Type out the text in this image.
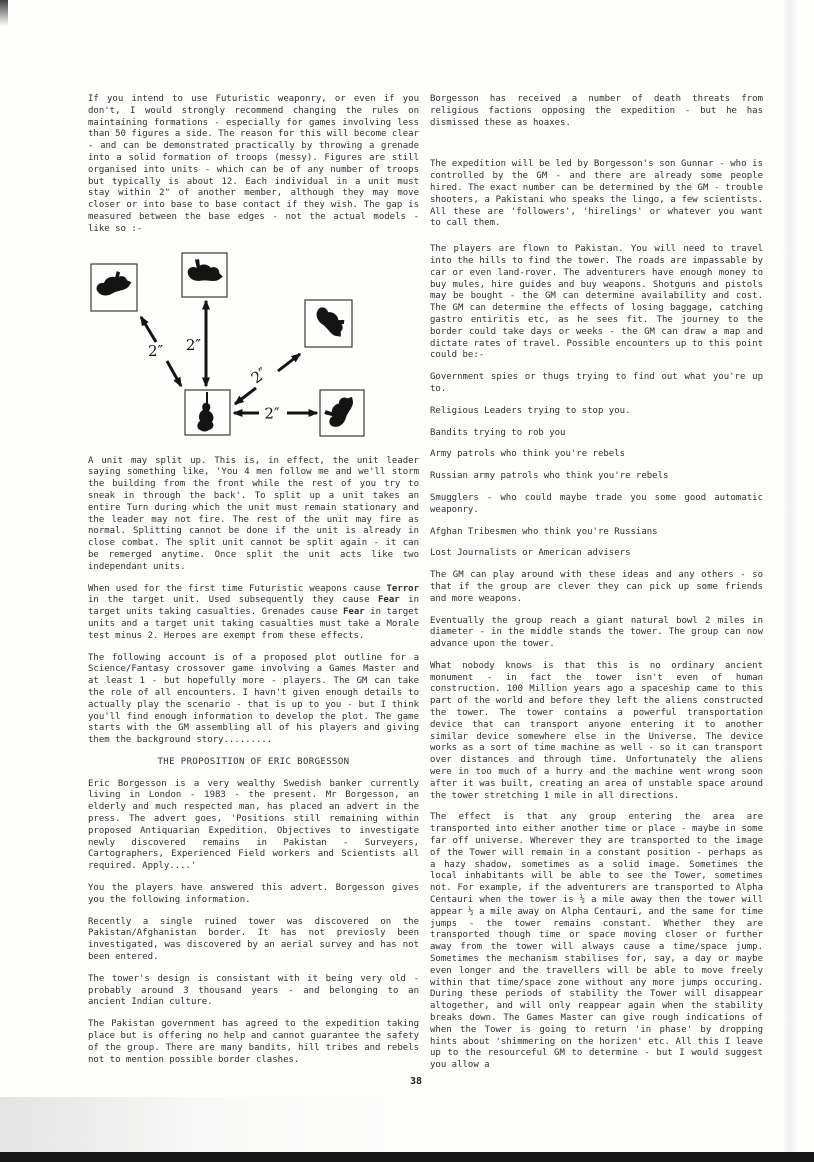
If you intend to use Futuristic weaponry, or even if you don't, I would strongly recommend changing the rules on maintaining formations - especially for games involving less than 50 figures a side. The reason for this will become clear - and can be demonstrated practically by throwing a grenade into a solid formation of troops (messy). Figures are still organised into units - which can be of any number of troops but typically is about 12. Each individual in a unit must stay within 2" of another member, although they may move closer or into base to base contact if they wish. The gap is measured between the base edges - not the actual models - like so :-

2″ 2″
2″
2″

A unit may split up. This is, in effect, the unit leader saying something like, 'You 4 men follow me and we'll storm the building from the front while the rest of you try to sneak in through the back'. To split up a unit takes an entire Turn during which the unit must remain stationary and the leader may not fire. The rest of the unit may fire as normal. Splitting cannot be done if the unit is already in close combat. The split unit cannot be split again - it can be remerged anytime. Once split the unit acts like two independant units.

When used for the first time Futuristic weapons cause Terror in the target unit. Used subsequently they cause Fear in target units taking casualties. Grenades cause Fear in target units and a target unit taking casualties must take a Morale test minus 2. Heroes are exempt from these effects.

The following account is of a proposed plot outline for a Science/Fantasy crossover game involving a Games Master and at least 1 - but hopefully more - players. The GM can take the role of all encounters. I havn't given enough details to actually play the scenario - that is up to you - but I think you'll find enough information to develop the plot. The game starts with the GM assembling all of his players and giving them the background story.........

THE PROPOSITION OF ERIC BORGESSON

Eric Borgesson is a very wealthy Swedish banker currently living in London - 1983 - the present. Mr Borgesson, an elderly and much respected man, has placed an advert in the press. The advert goes, 'Positions still remaining within proposed Antiquarian Expedition. Objectives to investigate newly discovered remains in Pakistan - Surveyers, Cartographers, Experienced Field workers and Scientists all required. Apply....'

You the players have answered this advert. Borgesson gives you the following information.

Recently a single ruined tower was discovered on the Pakistan/Afghanistan border. It has not previosly been investigated, was discovered by an aerial survey and has not been entered.

The tower's design is consistant with it being very old - probably around 3 thousand years - and belonging to an ancient Indian culture.

The Pakistan government has agreed to the expedition taking place but is offering no help and cannot guarantee the safety of the group. There are many bandits, hill tribes and rebels not to mention possible border clashes.

Borgesson has received a number of death threats from religious factions opposing the expedition - but he has dismissed these as hoaxes.

The expedition will be led by Borgesson's son Gunnar - who is controlled by the GM - and there are already some people hired. The exact number can be determined by the GM - trouble shooters, a Pakistani who speaks the lingo, a few scientists. All these are 'followers', 'hirelings' or whatever you want to call them.

The players are flown to Pakistan. You will need to travel into the hills to find the tower. The roads are impassable by car or even land-rover. The adventurers have enough money to buy mules, hire guides and buy weapons. Shotguns and pistols may be bought - the GM can determine availability and cost. The GM can determine the effects of losing baggage, catching gastro entiritis etc, as he sees fit. The journey to the border could take days or weeks - the GM can draw a map and dictate rates of travel. Possible encounters up to this point could be:-

Government spies or thugs trying to find out what you're up to.

Religious Leaders trying to stop you.

Bandits trying to rob you

Army patrols who think you're rebels

Russian army patrols who think you're rebels

Smugglers - who could maybe trade you some good automatic weaponry.

Afghan Tribesmen who think you're Russians

Lost Journalists or American advisers

The GM can play around with these ideas and any others - so that if the group are clever they can pick up some friends and more weapons.

Eventually the group reach a giant natural bowl 2 miles in diameter - in the middle stands the tower. The group can now advance upon the tower.

What nobody knows is that this is no ordinary ancient monument - in fact the tower isn't even of human construction. 100 Million years ago a spaceship came to this part of the world and before they left the aliens constructed the tower. The tower contains a powerful transportation device that can transport anyone entering it to another similar device somewhere else in the Universe. The device works as a sort of time machine as well - so it can transport over distances and through time. Unfortunately the aliens were in too much of a hurry and the machine went wrong soon after it was built, creating an area of unstable space around the tower stretching 1 mile in all directions.

The effect is that any group entering the area are transported into either another time or place - maybe in some far off universe. Wherever they are transported to the image of the Tower will remain in a constant position - perhaps as a hazy shadow, sometimes as a solid image. Sometimes the local inhabitants will be able to see the Tower, sometimes not. For example, if the adventurers are transported to Alpha Centauri when the tower is ½ a mile away then the tower will appear ½ a mile away on Alpha Centauri, and the same for time jumps - the tower remains constant. Whether they are transported though time or space moving closer or further away from the tower will always cause a time/space jump. Sometimes the mechanism stabilises for, say, a day or maybe even longer and the travellers will be able to move freely within that time/space zone without any more jumps occuring. During these periods of stability the Tower will disappear altogether, and will only reappear again when the stability breaks down. The Games Master can give rough indications of when the Tower is going to return 'in phase' by dropping hints about 'shimmering on the horizen' etc. All this I leave up to the resourceful GM to determine - but I would suggest you allow a

38
